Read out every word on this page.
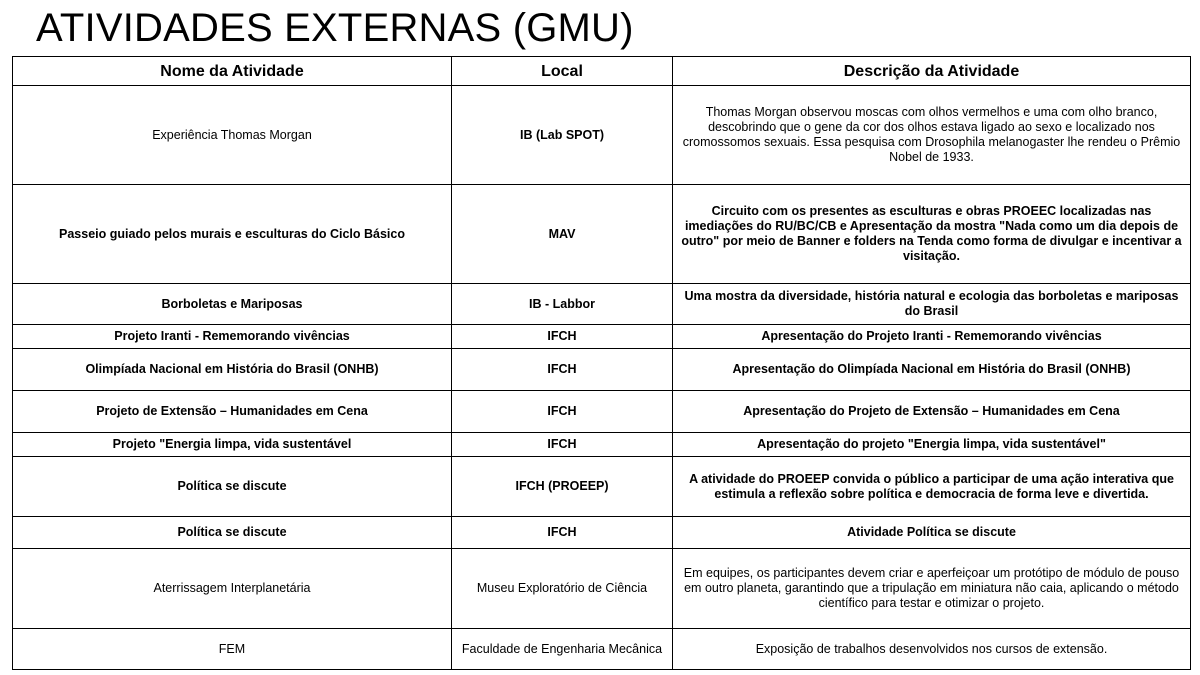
ATIVIDADES EXTERNAS (GMU)
Nome da Atividade	Local	Descrição da Atividade
Experiência Thomas Morgan	IB (Lab SPOT)	Thomas Morgan observou moscas com olhos vermelhos e uma com olho branco, descobrindo que o gene da cor dos olhos estava ligado ao sexo e localizado nos cromossomos sexuais. Essa pesquisa com Drosophila melanogaster lhe rendeu o Prêmio Nobel de 1933.
Passeio guiado pelos murais e esculturas do Ciclo Básico	MAV	Circuito com os presentes as esculturas e obras PROEEC localizadas nas imediações do RU/BC/CB e Apresentação da mostra "Nada como um dia depois de outro" por meio de Banner e folders na Tenda como forma de divulgar e incentivar a visitação.
Borboletas e Mariposas	IB - Labbor	Uma mostra da diversidade, história natural e ecologia das borboletas e mariposas do Brasil
Projeto Iranti - Rememorando vivências	IFCH	Apresentação do Projeto Iranti - Rememorando vivências
Olimpíada Nacional em História do Brasil (ONHB)	IFCH	Apresentação do Olimpíada Nacional em História do Brasil (ONHB)
Projeto de Extensão – Humanidades em Cena	IFCH	Apresentação do Projeto de Extensão – Humanidades em Cena
Projeto "Energia limpa, vida sustentável	IFCH	Apresentação do projeto "Energia limpa, vida sustentável"
Política se discute	IFCH (PROEEP)	A atividade do PROEEP convida o público a participar de uma ação interativa que estimula a reflexão sobre política e democracia de forma leve e divertida.
Política se discute	IFCH	Atividade Política se discute
Aterrissagem Interplanetária	Museu Exploratório de Ciência	Em equipes, os participantes devem criar e aperfeiçoar um protótipo de módulo de pouso em outro planeta, garantindo que a tripulação em miniatura não caia, aplicando o método científico para testar e otimizar o projeto.
FEM	Faculdade de Engenharia Mecânica	Exposição de trabalhos desenvolvidos nos cursos de extensão.
